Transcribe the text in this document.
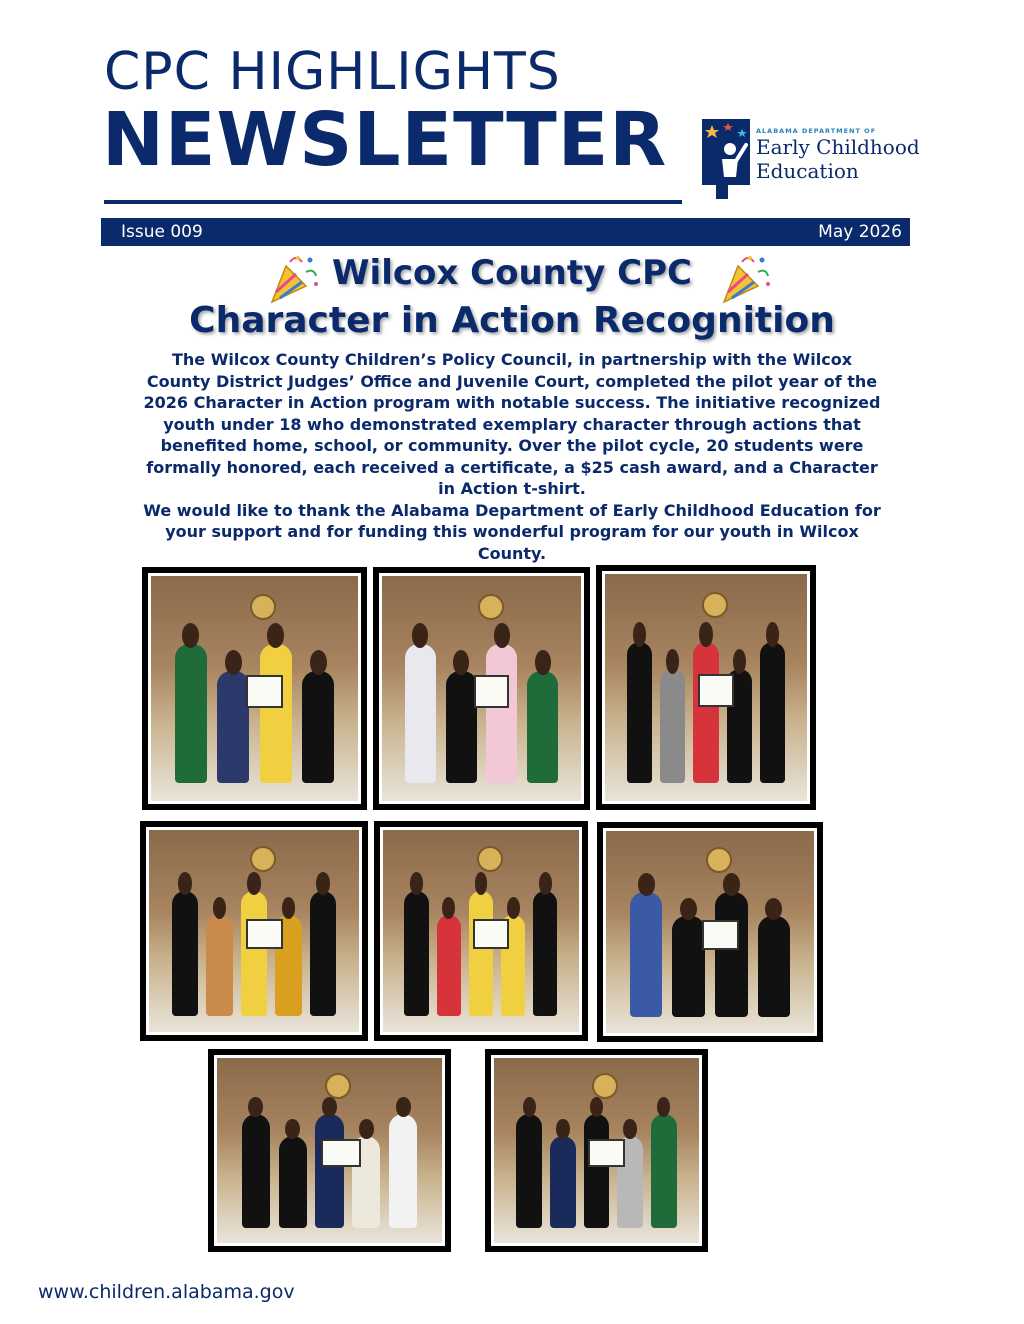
CPC HIGHLIGHTS
NEWSLETTER	ALABAMA DEPARTMENT OF
Early Childhood
Education
Issue 009	May 2026
Wilcox County CPC
Character in Action Recognition

The Wilcox County Children’s Policy Council, in partnership with the Wilcox County District Judges’ Office and Juvenile Court, completed the pilot year of the 2026 Character in Action program with notable success. The initiative recognized youth under 18 who demonstrated exemplary character through actions that benefited home, school, or community. Over the pilot cycle, 20 students were formally honored, each received a certificate, a $25 cash award, and a Character in Action t-shirt.

We would like to thank the Alabama Department of Early Childhood Education for your support and for funding this wonderful program for our youth in Wilcox County.

www.children.alabama.gov
